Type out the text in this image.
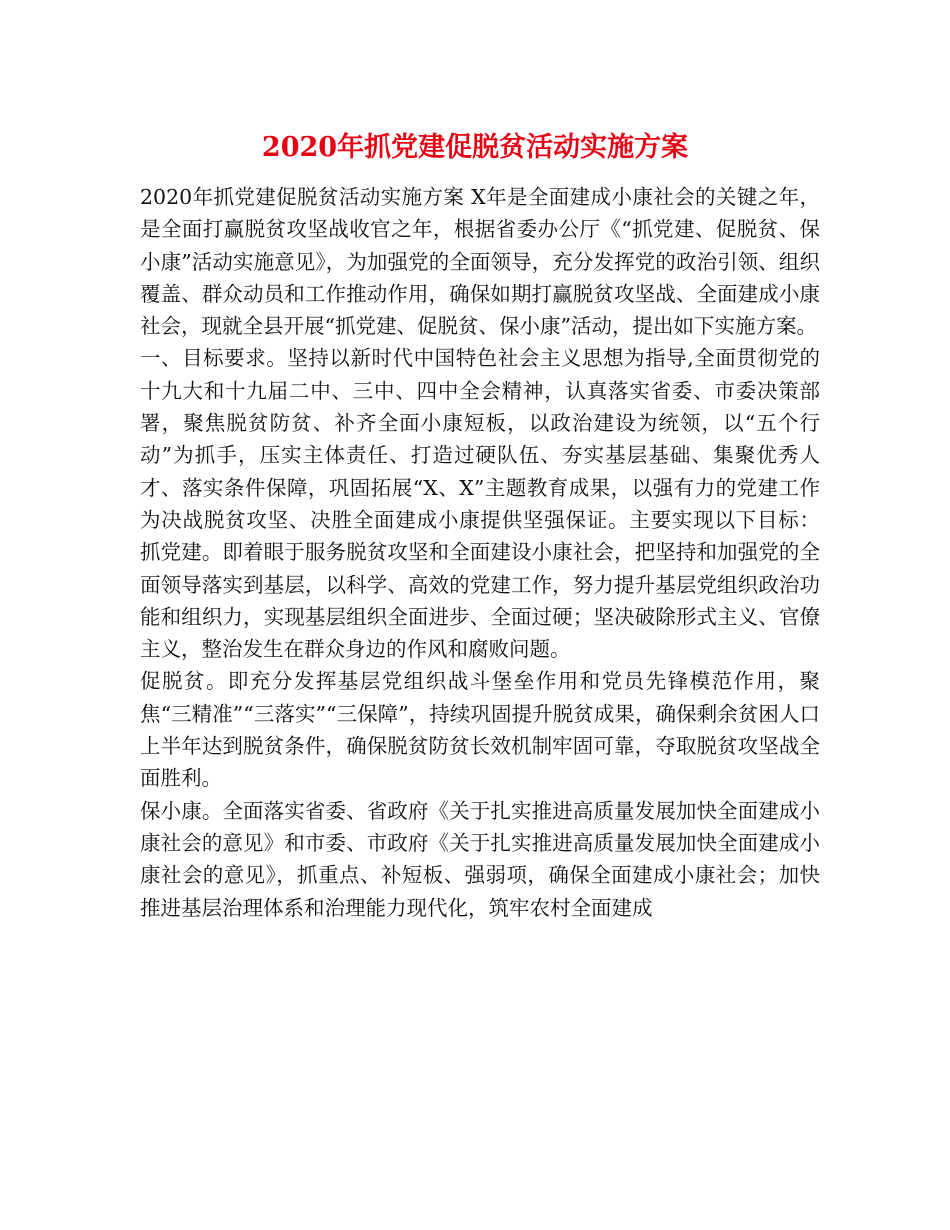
2020年抓党建促脱贫活动实施方案

2020年抓党建促脱贫活动实施方案 X年是全面建成小康社会的关键之年，是全面打赢脱贫攻坚战收官之年，根据省委办公厅《“抓党建、促脱贫、保小康”活动实施意见》，为加强党的全面领导，充分发挥党的政治引领、组织覆盖、群众动员和工作推动作用，确保如期打赢脱贫攻坚战、全面建成小康社会，现就全县开展“抓党建、促脱贫、保小康”活动，提出如下实施方案。

一、目标要求。坚持以新时代中国特色社会主义思想为指导,全面贯彻党的十九大和十九届二中、三中、四中全会精神，认真落实省委、市委决策部署，聚焦脱贫防贫、补齐全面小康短板，以政治建设为统领，以“五个行动”为抓手，压实主体责任、打造过硬队伍、夯实基层基础、集聚优秀人才、落实条件保障，巩固拓展“X、X”主题教育成果，以强有力的党建工作为决战脱贫攻坚、决胜全面建成小康提供坚强保证。主要实现以下目标： 抓党建。即着眼于服务脱贫攻坚和全面建设小康社会，把坚持和加强党的全面领导落实到基层，以科学、高效的党建工作，努力提升基层党组织政治功能和组织力，实现基层组织全面进步、全面过硬；坚决破除形式主义、官僚主义，整治发生在群众身边的作风和腐败问题。

促脱贫。即充分发挥基层党组织战斗堡垒作用和党员先锋模范作用，聚焦“三精准”“三落实”“三保障”，持续巩固提升脱贫成果，确保剩余贫困人口上半年达到脱贫条件，确保脱贫防贫长效机制牢固可靠，夺取脱贫攻坚战全面胜利。

保小康。全面落实省委、省政府《关于扎实推进高质量发展加快全面建成小康社会的意见》和市委、市政府《关于扎实推进高质量发展加快全面建成小康社会的意见》，抓重点、补短板、强弱项，确保全面建成小康社会；加快推进基层治理体系和治理能力现代化，筑牢农村全面建成
